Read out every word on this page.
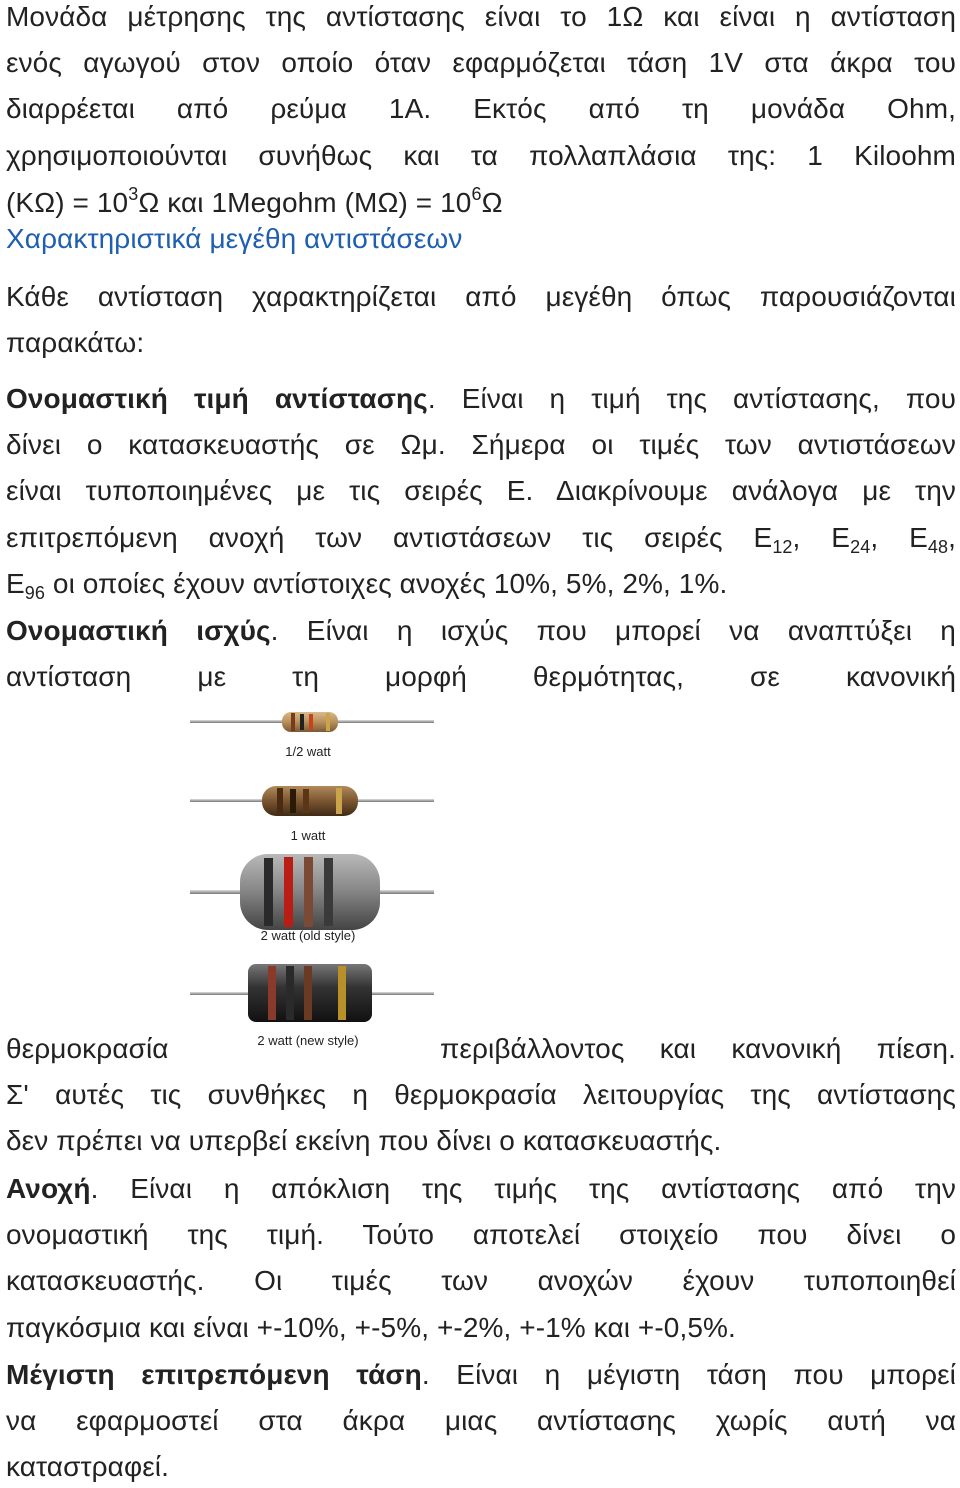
Μονάδα μέτρησης της αντίστασης είναι το 1Ω και είναι η αντίσταση
ενός αγωγού στον οποίο όταν εφαρμόζεται τάση 1V στα άκρα του
διαρρέεται από ρεύμα 1Α. Εκτός από τη μονάδα Ohm,
χρησιμοποιούνται συνήθως και τα πολλαπλάσια της: 1 Kiloohm
$(K\Omega) = 10^3\Omega$ και 1Megohm $(M\Omega) = 10^6\Omega$
Χαρακτηριστικά μεγέθη αντιστάσεων
Κάθε αντίσταση χαρακτηρίζεται από μεγέθη όπως παρουσιάζονται
παρακάτω:
Ονομαστική τιμή αντίστασης. Είναι η τιμή της αντίστασης, που
δίνει ο κατασκευαστής σε Ωμ. Σήμερα οι τιμές των αντιστάσεων
είναι τυποποιημένες με τις σειρές Ε. Διακρίνουμε ανάλογα με την
επιτρεπόμενη ανοχή των αντιστάσεων τις σειρές $E_{12}$, $E_{24}$, $E_{48}$,
$E_{96}$ οι οποίες έχουν αντίστοιχες ανοχές 10%, 5%, 2%, 1%.
Ονομαστική ισχύς. Είναι η ισχύς που μπορεί να αναπτύξει η
αντίσταση με τη μορφή θερμότητας, σε κανονική
1/2 watt
1 watt
2 watt (old style)
2 watt (new style)
θερμοκρασία	περιβάλλοντος και κανονική πίεση.
Σ' αυτές τις συνθήκες η θερμοκρασία λειτουργίας της αντίστασης
δεν πρέπει να υπερβεί εκείνη που δίνει ο κατασκευαστής.
Ανοχή. Είναι η απόκλιση της τιμής της αντίστασης από την
ονομαστική της τιμή. Τούτο αποτελεί στοιχείο που δίνει ο
κατασκευαστής. Οι τιμές των ανοχών έχουν τυποποιηθεί
παγκόσμια και είναι +-10%, +-5%, +-2%, +-1% και +-0,5%.
Μέγιστη επιτρεπόμενη τάση. Είναι η μέγιστη τάση που μπορεί
να εφαρμοστεί στα άκρα μιας αντίστασης χωρίς αυτή να
καταστραφεί.
